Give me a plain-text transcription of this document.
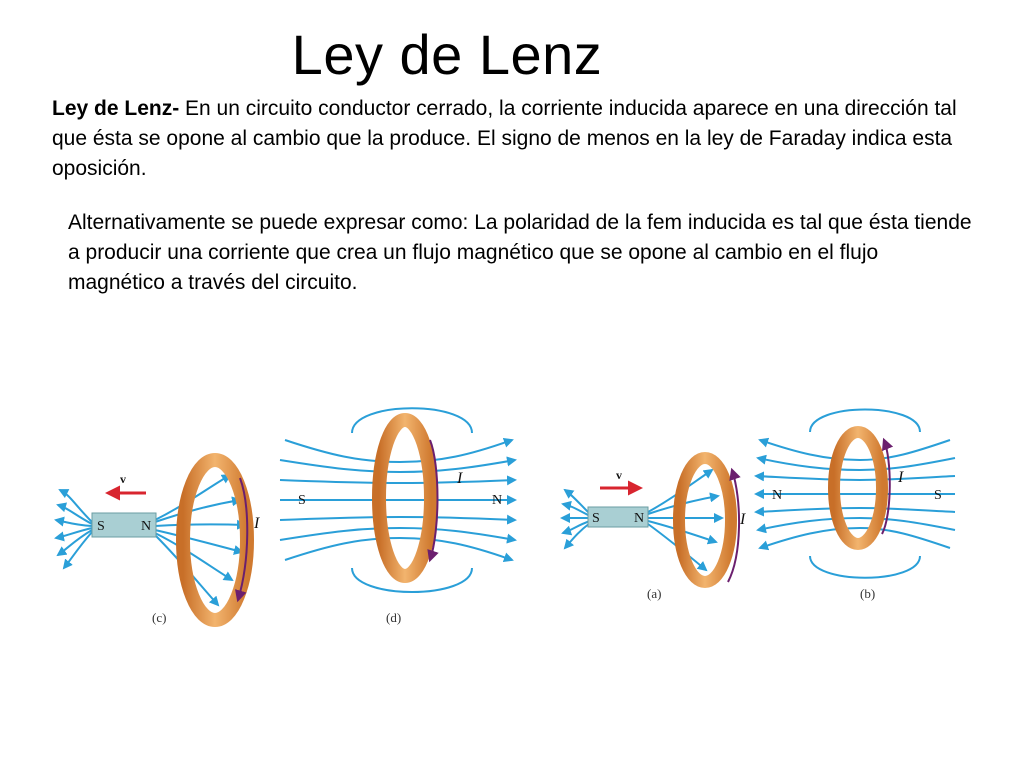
Ley de Lenz

Ley de Lenz- En un circuito conductor cerrado, la corriente inducida aparece en una dirección tal que ésta se opone al cambio que la produce. El signo de menos en la ley de Faraday indica esta oposición.

Alternativamente se puede expresar como: La polaridad de la fem inducida es tal que ésta tiende a producir una corriente que crea un flujo magnético que se opone al cambio en el flujo magnético a través del circuito.

S	N
v
I
(c)
S	N
I
(d)
S N
v
I
(a)
N	S
I
(b)
